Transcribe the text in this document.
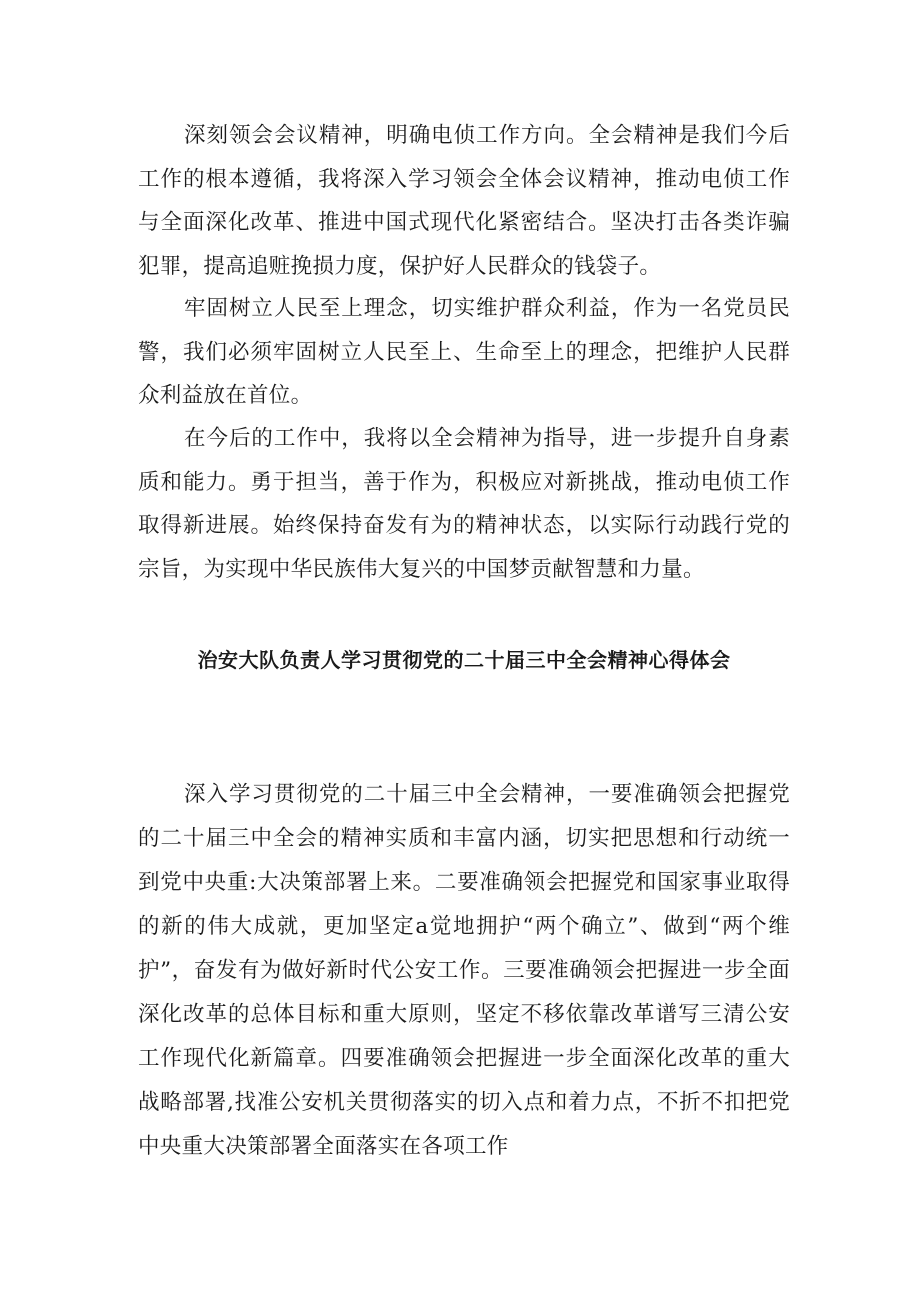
深刻领会会议精神，明确电侦工作方向。全会精神是我们今后工作的根本遵循，我将深入学习领会全体会议精神，推动电侦工作与全面深化改革、推进中国式现代化紧密结合。坚决打击各类诈骗犯罪，提高追赃挽损力度，保护好人民群众的钱袋子。

牢固树立人民至上理念，切实维护群众利益，作为一名党员民警，我们必须牢固树立人民至上、生命至上的理念，把维护人民群众利益放在首位。

在今后的工作中，我将以全会精神为指导，进一步提升自身素质和能力。勇于担当，善于作为，积极应对新挑战，推动电侦工作取得新进展。始终保持奋发有为的精神状态，以实际行动践行党的宗旨，为实现中华民族伟大复兴的中国梦贡献智慧和力量。

治安大队负责人学习贯彻党的二十届三中全会精神心得体会

深入学习贯彻党的二十届三中全会精神，一要准确领会把握党的二十届三中全会的精神实质和丰富内涵，切实把思想和行动统一到党中央重:大决策部署上来。二要准确领会把握党和国家事业取得的新的伟大成就，更加坚定a觉地拥护“两个确立”、做到“两个维护”，奋发有为做好新时代公安工作。三要准确领会把握进一步全面深化改革的总体目标和重大原则，坚定不移依靠改革谱写三清公安工作现代化新篇章。四要准确领会把握进一步全面深化改革的重大战略部署,找准公安机关贯彻落实的切入点和着力点，不折不扣把党中央重大决策部署全面落实在各项工作
